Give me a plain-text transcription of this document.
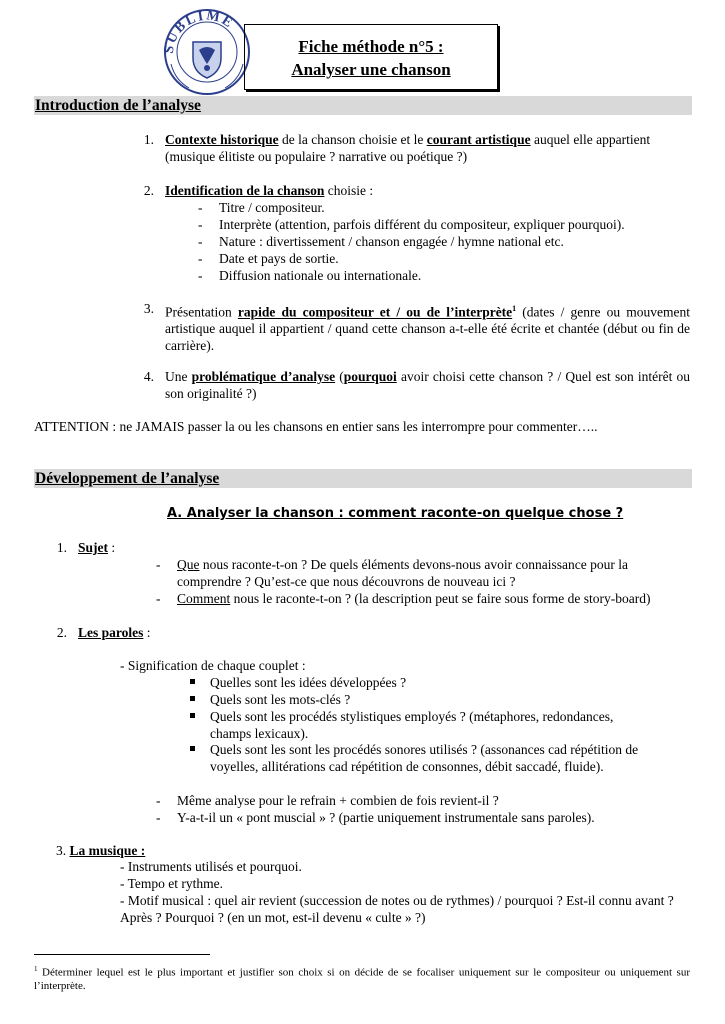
SUBLIME
Fiche méthode n°5 :
Analyser une chanson
Introduction de l’analyse
1. Contexte historique de la chanson choisie et le courant artistique auquel elle appartient (musique élitiste ou populaire ? narrative ou poétique ?)
2. Identification de la chanson choisie :
- Titre / compositeur.
- Interprète (attention, parfois différent du compositeur, expliquer pourquoi).
- Nature : divertissement / chanson engagée / hymne national etc.
- Date et pays de sortie.
- Diffusion nationale ou internationale.
3. Présentation rapide du compositeur et / ou de l’interprète$^1$ (dates / genre ou mouvement artistique auquel il appartient / quand cette chanson a-t-elle été écrite et chantée (début ou fin de carrière).
4. Une problématique d’analyse (pourquoi avoir choisi cette chanson ? / Quel est son intérêt ou son originalité ?)
ATTENTION : ne JAMAIS passer la ou les chansons en entier sans les interrompre pour commenter…..
Développement de l’analyse
A. Analyser la chanson : comment raconte-on quelque chose ?
1. Sujet :
- Que nous raconte-t-on ? De quels éléments devons-nous avoir connaissance pour la comprendre ? Qu’est-ce que nous découvrons de nouveau ici ?
- Comment nous le raconte-t-on ? (la description peut se faire sous forme de story-board)
2. Les paroles :
- Signification de chaque couplet :
Quelles sont les idées développées ?
Quels sont les mots-clés ?
Quels sont les procédés stylistiques employés ? (métaphores, redondances, champs lexicaux).
Quels sont les sont les procédés sonores utilisés ? (assonances cad répétition de voyelles, allitérations cad répétition de consonnes, débit saccadé, fluide).
- Même analyse pour le refrain + combien de fois revient-il ?
- Y-a-t-il un « pont muscial » ? (partie uniquement instrumentale sans paroles).
3. La musique :
- Instruments utilisés et pourquoi.
- Tempo et rythme.
- Motif musical : quel air revient (succession de notes ou de rythmes) / pourquoi ? Est-il connu avant ? Après ? Pourquoi ? (en un mot, est-il devenu « culte » ?)
$^1$ Déterminer lequel est le plus important et justifier son choix si on décide de se focaliser uniquement sur le compositeur ou uniquement sur l’interprète.
